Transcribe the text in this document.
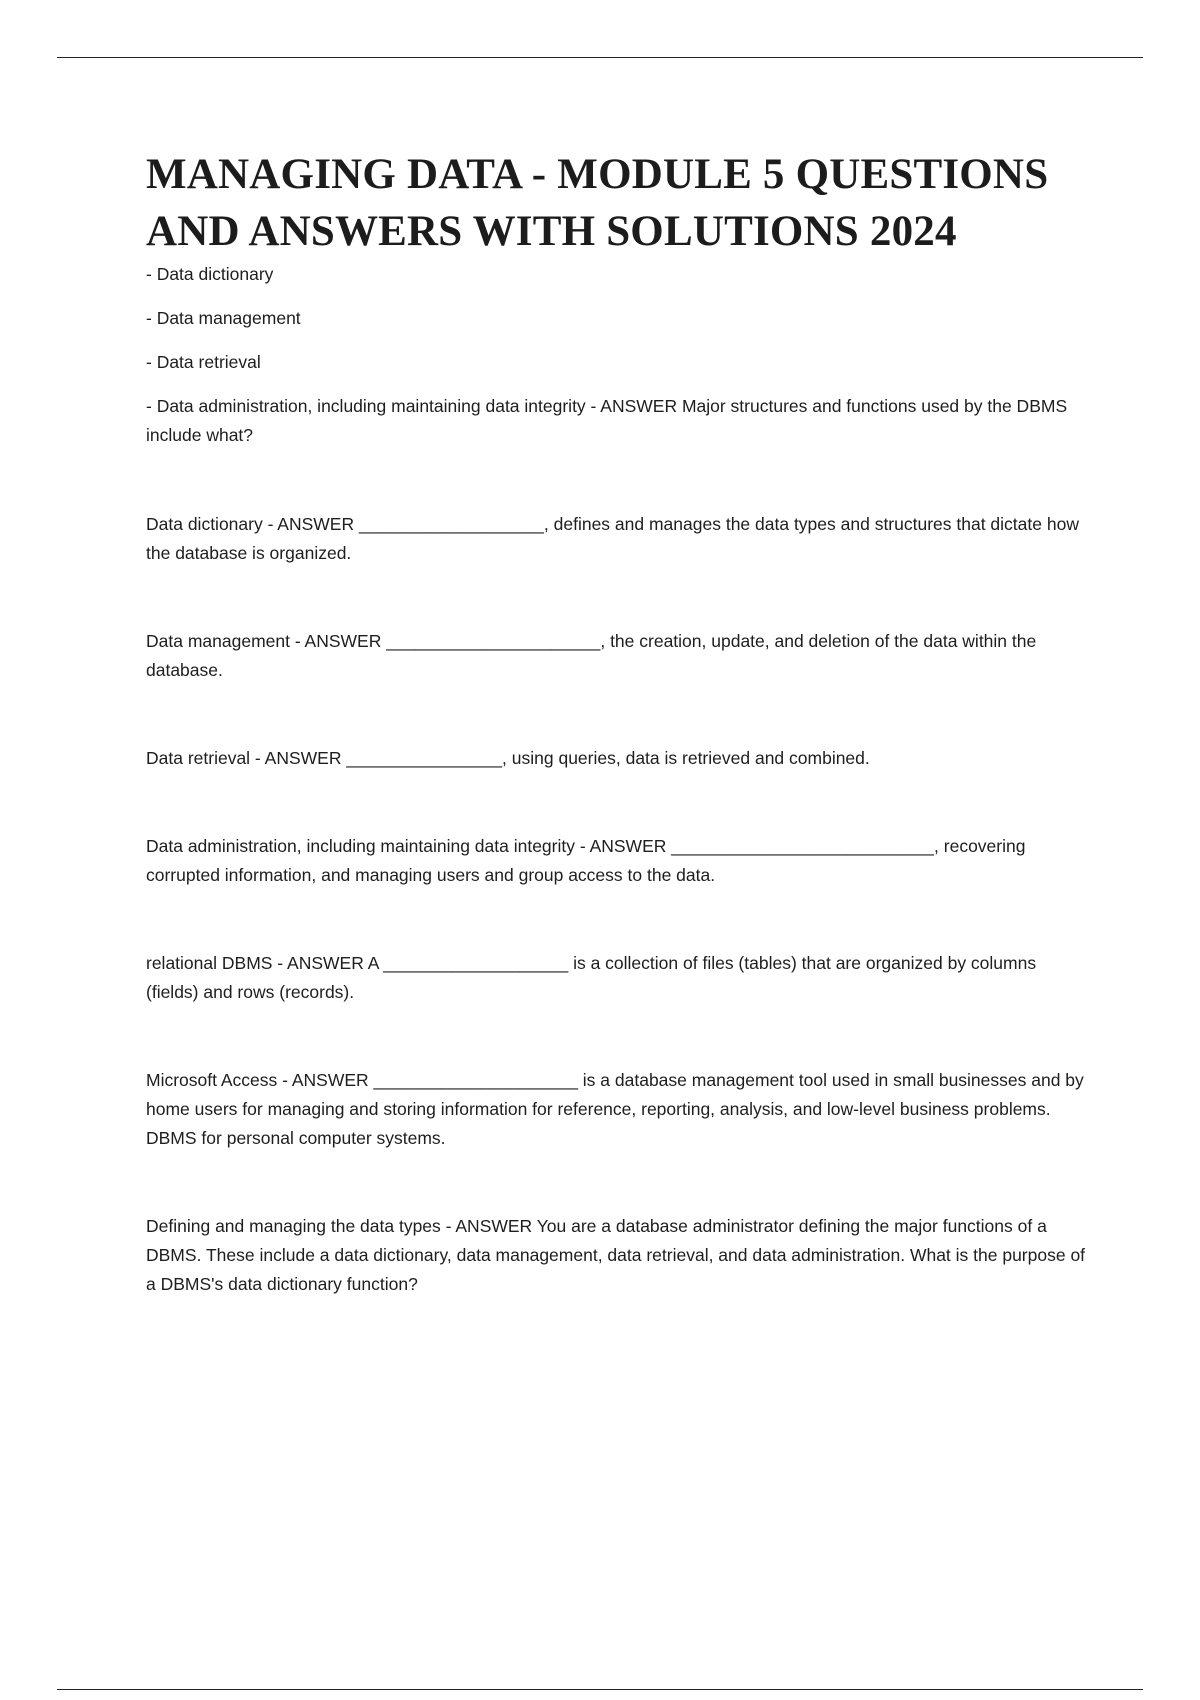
MANAGING DATA - MODULE 5 QUESTIONS AND ANSWERS WITH SOLUTIONS 2024

- Data dictionary

- Data management

- Data retrieval

- Data administration, including maintaining data integrity - ANSWER Major structures and functions used by the DBMS include what?

Data dictionary - ANSWER ___________________, defines and manages the data types and structures that dictate how the database is organized.

Data management - ANSWER ______________________, the creation, update, and deletion of the data within the database.

Data retrieval - ANSWER ________________, using queries, data is retrieved and combined.

Data administration, including maintaining data integrity - ANSWER ___________________________, recovering corrupted information, and managing users and group access to the data.

relational DBMS - ANSWER A ___________________ is a collection of files (tables) that are organized by columns (fields) and rows (records).

Microsoft Access - ANSWER _____________________ is a database management tool used in small businesses and by home users for managing and storing information for reference, reporting, analysis, and low-level business problems. DBMS for personal computer systems.

Defining and managing the data types - ANSWER You are a database administrator defining the major functions of a DBMS. These include a data dictionary, data management, data retrieval, and data administration. What is the purpose of a DBMS's data dictionary function?
